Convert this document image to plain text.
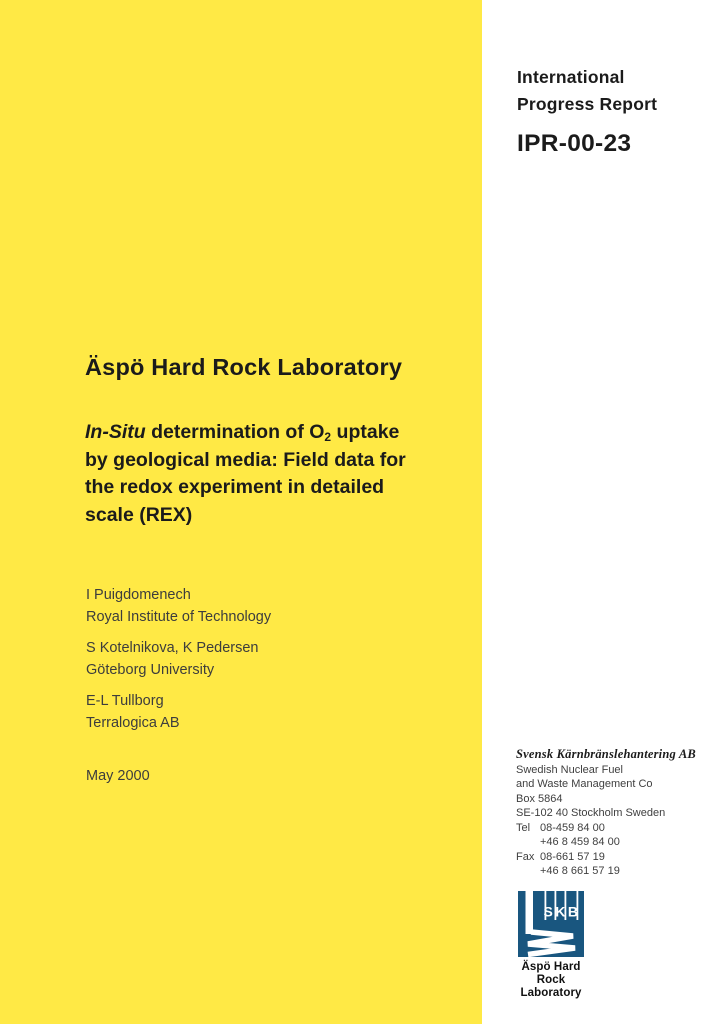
International
Progress Report
IPR-00-23
Äspö Hard Rock Laboratory
In-Situ determination of $O_2$ uptake
by geological media: Field data for
the redox experiment in detailed
scale (REX)
I Puigdomenech
Royal Institute of Technology
S Kotelnikova, K Pedersen
Göteborg University
E-L Tullborg
Terralogica AB
May 2000
Svensk Kärnbränslehantering AB
Swedish Nuclear Fuel
and Waste Management Co
Box 5864
SE-102 40 Stockholm Sweden
Tel 08-459 84 00
+46 8 459 84 00
Fax 08-661 57 19
+46 8 661 57 19
SKB
Äspö Hard Rock
Laboratory
